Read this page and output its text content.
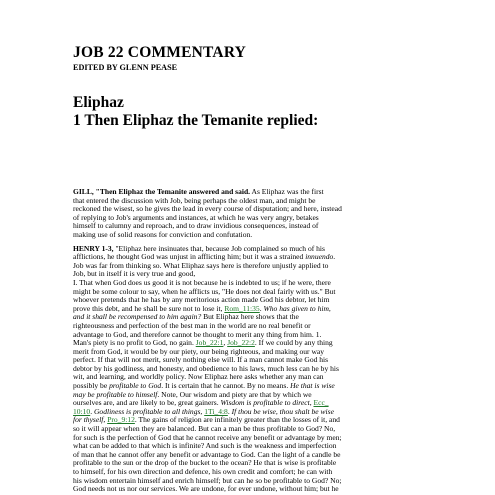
JOB 22 COMMENTARY
EDITED BY GLENN PEASE
Eliphaz
1 Then Eliphaz the Temanite replied:
GILL, "Then Eliphaz the Temanite answered and said. As Eliphaz was the first
that entered the discussion with Job, being perhaps the oldest man, and might be
reckoned the wisest, so he gives the lead in every course of disputation; and here, instead
of replying to Job's arguments and instances, at which he was very angry, betakes
himself to calumny and reproach, and to draw invidious consequences, instead of
making use of solid reasons for conviction and confutation.
HENRY 1-3, "Eliphaz here insinuates that, because Job complained so much of his
afflictions, he thought God was unjust in afflicting him; but it was a strained innuendo.
Job was far from thinking so. What Eliphaz says here is therefore unjustly applied to
Job, but in itself it is very true and good,
I. That when God does us good it is not because he is indebted to us; if he were, there
might be some colour to say, when he afflicts us, "He does not deal fairly with us." But
whoever pretends that he has by any meritorious action made God his debtor, let him
prove this debt, and he shall be sure not to lose it, Rom_11:35. Who has given to him,
and it shall be recompensed to him again? But Eliphaz here shows that the
righteousness and perfection of the best man in the world are no real benefit or
advantage to God, and therefore cannot be thought to merit any thing from him. 1.
Man's piety is no profit to God, no gain. Job_22:1, Job_22:2. If we could by any thing
merit from God, it would be by our piety, our being righteous, and making our way
perfect. If that will not merit, surely nothing else will. If a man cannot make God his
debtor by his godliness, and honesty, and obedience to his laws, much less can he by his
wit, and learning, and worldly policy. Now Eliphaz here asks whether any man can
possibly be profitable to God. It is certain that he cannot. By no means. He that is wise
may be profitable to himself. Note, Our wisdom and piety are that by which we
ourselves are, and are likely to be, great gainers. Wisdom is profitable to direct, Ecc_
10:10. Godliness is profitable to all things, 1Ti_4:8. If thou be wise, thou shalt be wise
for thyself, Pro_9:12. The gains of religion are infinitely greater than the losses of it, and
so it will appear when they are balanced. But can a man be thus profitable to God? No,
for such is the perfection of God that he cannot receive any benefit or advantage by men;
what can be added to that which is infinite? And such is the weakness and imperfection
of man that he cannot offer any benefit or advantage to God. Can the light of a candle be
profitable to the sun or the drop of the bucket to the ocean? He that is wise is profitable
to himself, for his own direction and defence, his own credit and comfort; he can with
his wisdom entertain himself and enrich himself; but can he so be profitable to God? No;
God needs not us nor our services. We are undone, for ever undone, without him; but he
